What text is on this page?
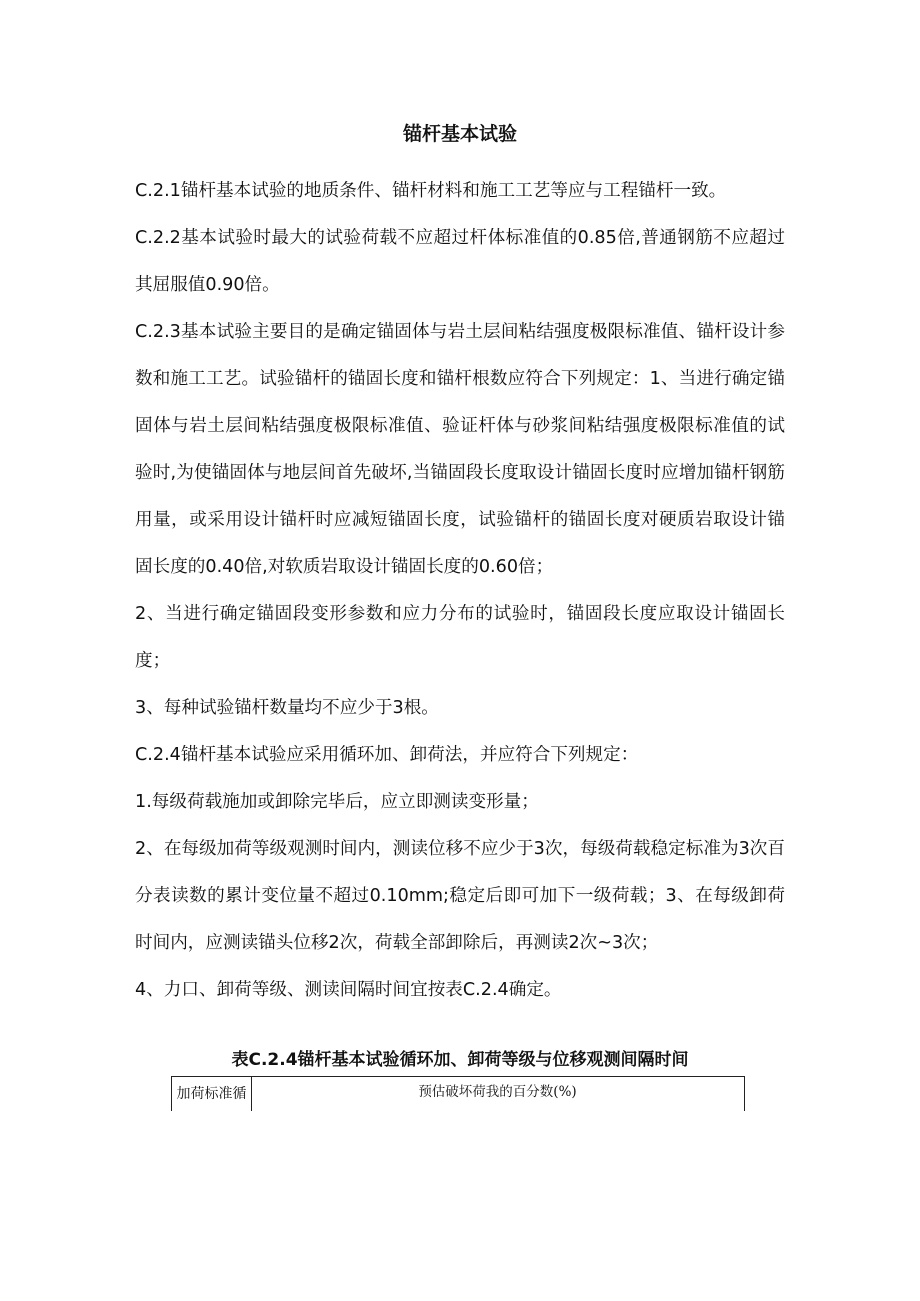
锚杆基本试验

C.2.1锚杆基本试验的地质条件、锚杆材料和施工工艺等应与工程锚杆一致。

C.2.2基本试验时最大的试验荷载不应超过杆体标准值的0.85倍,普通钢筋不应超过其屈服值0.90倍。

C.2.3基本试验主要目的是确定锚固体与岩土层间粘结强度极限标准值、锚杆设计参数和施工工艺。试验锚杆的锚固长度和锚杆根数应符合下列规定：1、当进行确定锚固体与岩土层间粘结强度极限标准值、验证杆体与砂浆间粘结强度极限标准值的试验时,为使锚固体与地层间首先破坏,当锚固段长度取设计锚固长度时应增加锚杆钢筋用量，或采用设计锚杆时应减短锚固长度，试验锚杆的锚固长度对硬质岩取设计锚固长度的0.40倍,对软质岩取设计锚固长度的0.60倍；

2、当进行确定锚固段变形参数和应力分布的试验时，锚固段长度应取设计锚固长度；

3、每种试验锚杆数量均不应少于3根。

C.2.4锚杆基本试验应采用循环加、卸荷法，并应符合下列规定：

1.每级荷载施加或卸除完毕后，应立即测读变形量；

2、在每级加荷等级观测时间内，测读位移不应少于3次，每级荷载稳定标准为3次百分表读数的累计变位量不超过0.10mm;稳定后即可加下一级荷载；3、在每级卸荷时间内，应测读锚头位移2次，荷载全部卸除后，再测读2次~3次；

4、力口、卸荷等级、测读间隔时间宜按表C.2.4确定。

表C.2.4锚杆基本试验循环加、卸荷等级与位移观测间隔时间
加荷标准循	预估破坏荷我的百分数(%)
